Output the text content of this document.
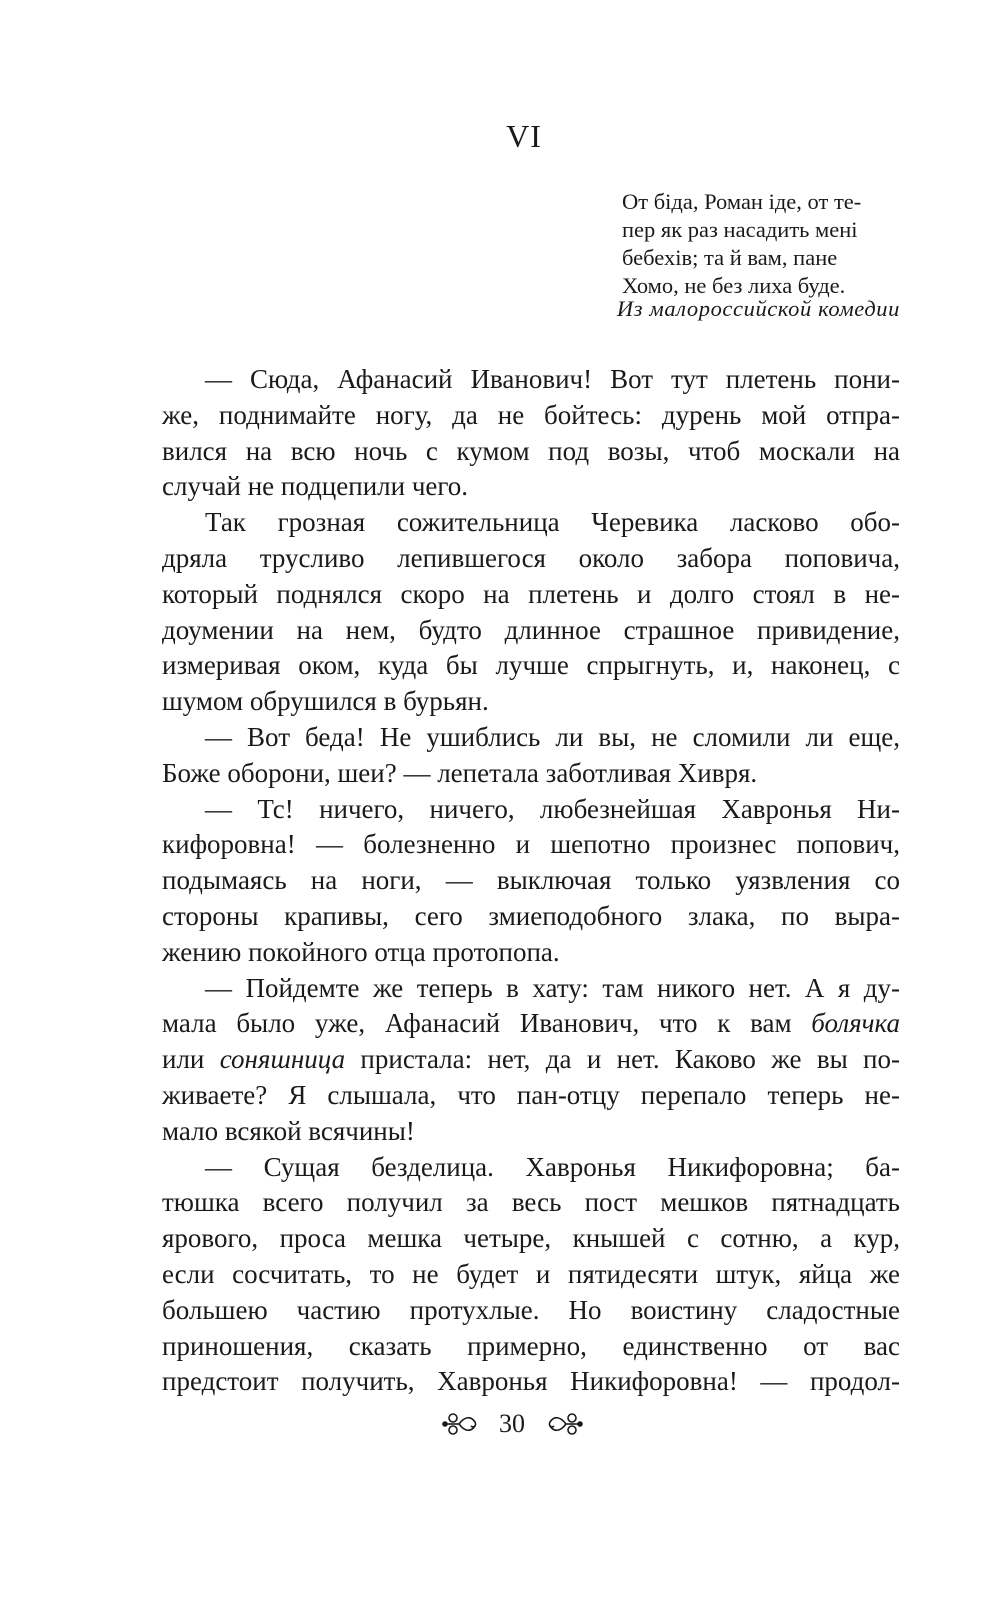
VI
От біда, Роман іде, от те-
пер як раз насадить мені
бебехів; та й вам, пане
Хомо, не без лиха буде.
Из малороссийской комедии
— Сюда, Афанасий Иванович! Вот тут плетень пони-
же, поднимайте ногу, да не бойтесь: дурень мой отпра-
вился на всю ночь с кумом под возы, чтоб москали на
случай не подцепили чего.
Так грозная сожительница Черевика ласково обо-
дряла трусливо лепившегося около забора поповича,
который поднялся скоро на плетень и долго стоял в не-
доумении на нем, будто длинное страшное привидение,
измеривая оком, куда бы лучше спрыгнуть, и, наконец, с
шумом обрушился в бурьян.
— Вот беда! Не ушиблись ли вы, не сломили ли еще,
Боже оборони, шеи? — лепетала заботливая Хивря.
— Тс! ничего, ничего, любезнейшая Хавронья Ни-
кифоровна! — болезненно и шепотно произнес попович,
подымаясь на ноги, — выключая только уязвления со
стороны крапивы, сего змиеподобного злака, по выра-
жению покойного отца протопопа.
— Пойдемте же теперь в хату: там никого нет. А я ду-
мала было уже, Афанасий Иванович, что к вам болячка
или соняшница пристала: нет, да и нет. Каково же вы по-
живаете? Я слышала, что пан-отцу перепало теперь не-
мало всякой всячины!
— Сущая безделица. Хавронья Никифоровна; ба-
тюшка всего получил за весь пост мешков пятнадцать
ярового, проса мешка четыре, кнышей с сотню, а кур,
если сосчитать, то не будет и пятидесяти штук, яйца же
большею частию протухлые. Но воистину сладостные
приношения, сказать примерно, единственно от вас
предстоит получить, Хавронья Никифоровна! — продол-
30
